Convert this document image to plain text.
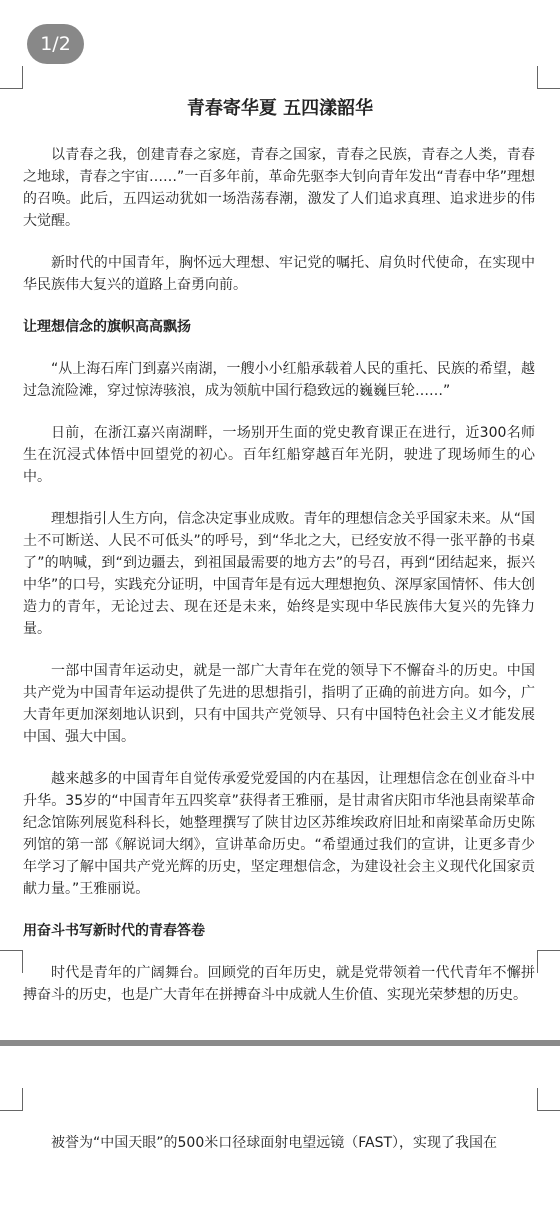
1/2
青春寄华夏 五四漾韶华

以青春之我，创建青春之家庭，青春之国家，青春之民族，青春之人类，青春之地球，青春之宇宙……”一百多年前，革命先驱李大钊向青年发出“青春中华”理想的召唤。此后，五四运动犹如一场浩荡春潮，激发了人们追求真理、追求进步的伟大觉醒。

新时代的中国青年，胸怀远大理想、牢记党的嘱托、肩负时代使命，在实现中华民族伟大复兴的道路上奋勇向前。

让理想信念的旗帜高高飘扬

“从上海石库门到嘉兴南湖，一艘小小红船承载着人民的重托、民族的希望，越过急流险滩，穿过惊涛骇浪，成为领航中国行稳致远的巍巍巨轮……”

日前，在浙江嘉兴南湖畔，一场别开生面的党史教育课正在进行，近300名师生在沉浸式体悟中回望党的初心。百年红船穿越百年光阴，驶进了现场师生的心中。

理想指引人生方向，信念决定事业成败。青年的理想信念关乎国家未来。从“国土不可断送、人民不可低头”的呼号，到“华北之大，已经安放不得一张平静的书桌了”的呐喊，到“到边疆去，到祖国最需要的地方去”的号召，再到“团结起来，振兴中华”的口号，实践充分证明，中国青年是有远大理想抱负、深厚家国情怀、伟大创造力的青年，无论过去、现在还是未来，始终是实现中华民族伟大复兴的先锋力量。

一部中国青年运动史，就是一部广大青年在党的领导下不懈奋斗的历史。中国共产党为中国青年运动提供了先进的思想指引，指明了正确的前进方向。如今，广大青年更加深刻地认识到，只有中国共产党领导、只有中国特色社会主义才能发展中国、强大中国。

越来越多的中国青年自觉传承爱党爱国的内在基因，让理想信念在创业奋斗中升华。35岁的“中国青年五四奖章”获得者王雅丽，是甘肃省庆阳市华池县南梁革命纪念馆陈列展览科科长，她整理撰写了陕甘边区苏维埃政府旧址和南梁革命历史陈列馆的第一部《解说词大纲》，宣讲革命历史。“希望通过我们的宣讲，让更多青少年学习了解中国共产党光辉的历史，坚定理想信念，为建设社会主义现代化国家贡献力量。”王雅丽说。

用奋斗书写新时代的青春答卷

时代是青年的广阔舞台。回顾党的百年历史，就是党带领着一代代青年不懈拼搏奋斗的历史，也是广大青年在拼搏奋斗中成就人生价值、实现光荣梦想的历史。

被誉为“中国天眼”的500米口径球面射电望远镜（FAST），实现了我国在
